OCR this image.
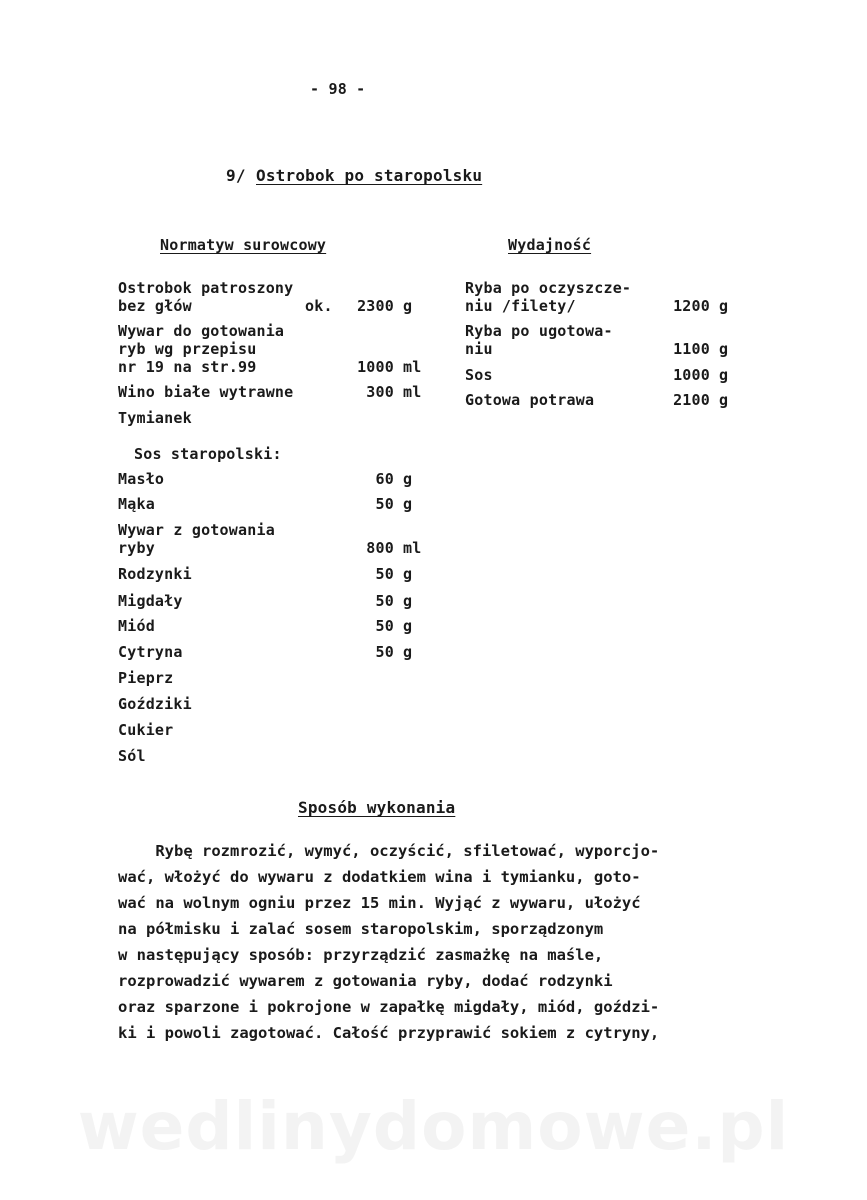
- 98 -
9/ Ostrobok po staropolsku
Normatyw surowcowy	Wydajność
Ostrobok patroszony
bez głów	ok.	2300 g
Wywar do gotowania
ryb wg przepisu
nr 19 na str.99	1000 ml
Wino białe wytrawne	300 ml
Tymianek
Sos staropolski:
Masło	60 g
Mąka	50 g
Wywar z gotowania
ryby	800 ml
Rodzynki	50 g
Migdały	50 g
Miód	50 g
Cytryna	50 g
Pieprz
Goździki
Cukier
Sól
Ryba po oczyszcze-
niu /filety/	1200 g
Ryba po ugotowa-
niu	1100 g
Sos	1000 g
Gotowa potrawa	2100 g
Sposób wykonania
Rybę rozmrozić, wymyć, oczyścić, sfiletować, wyporcjo-
wać, włożyć do wywaru z dodatkiem wina i tymianku, goto-
wać na wolnym ogniu przez 15 min. Wyjąć z wywaru, ułożyć
na półmisku i zalać sosem staropolskim, sporządzonym
w następujący sposób: przyrządzić zasmażkę na maśle,
rozprowadzić wywarem z gotowania ryby, dodać rodzynki
oraz sparzone i pokrojone w zapałkę migdały, miód, goździ-
ki i powoli zagotować. Całość przyprawić sokiem z cytryny,
wedlinydomowe.pl
